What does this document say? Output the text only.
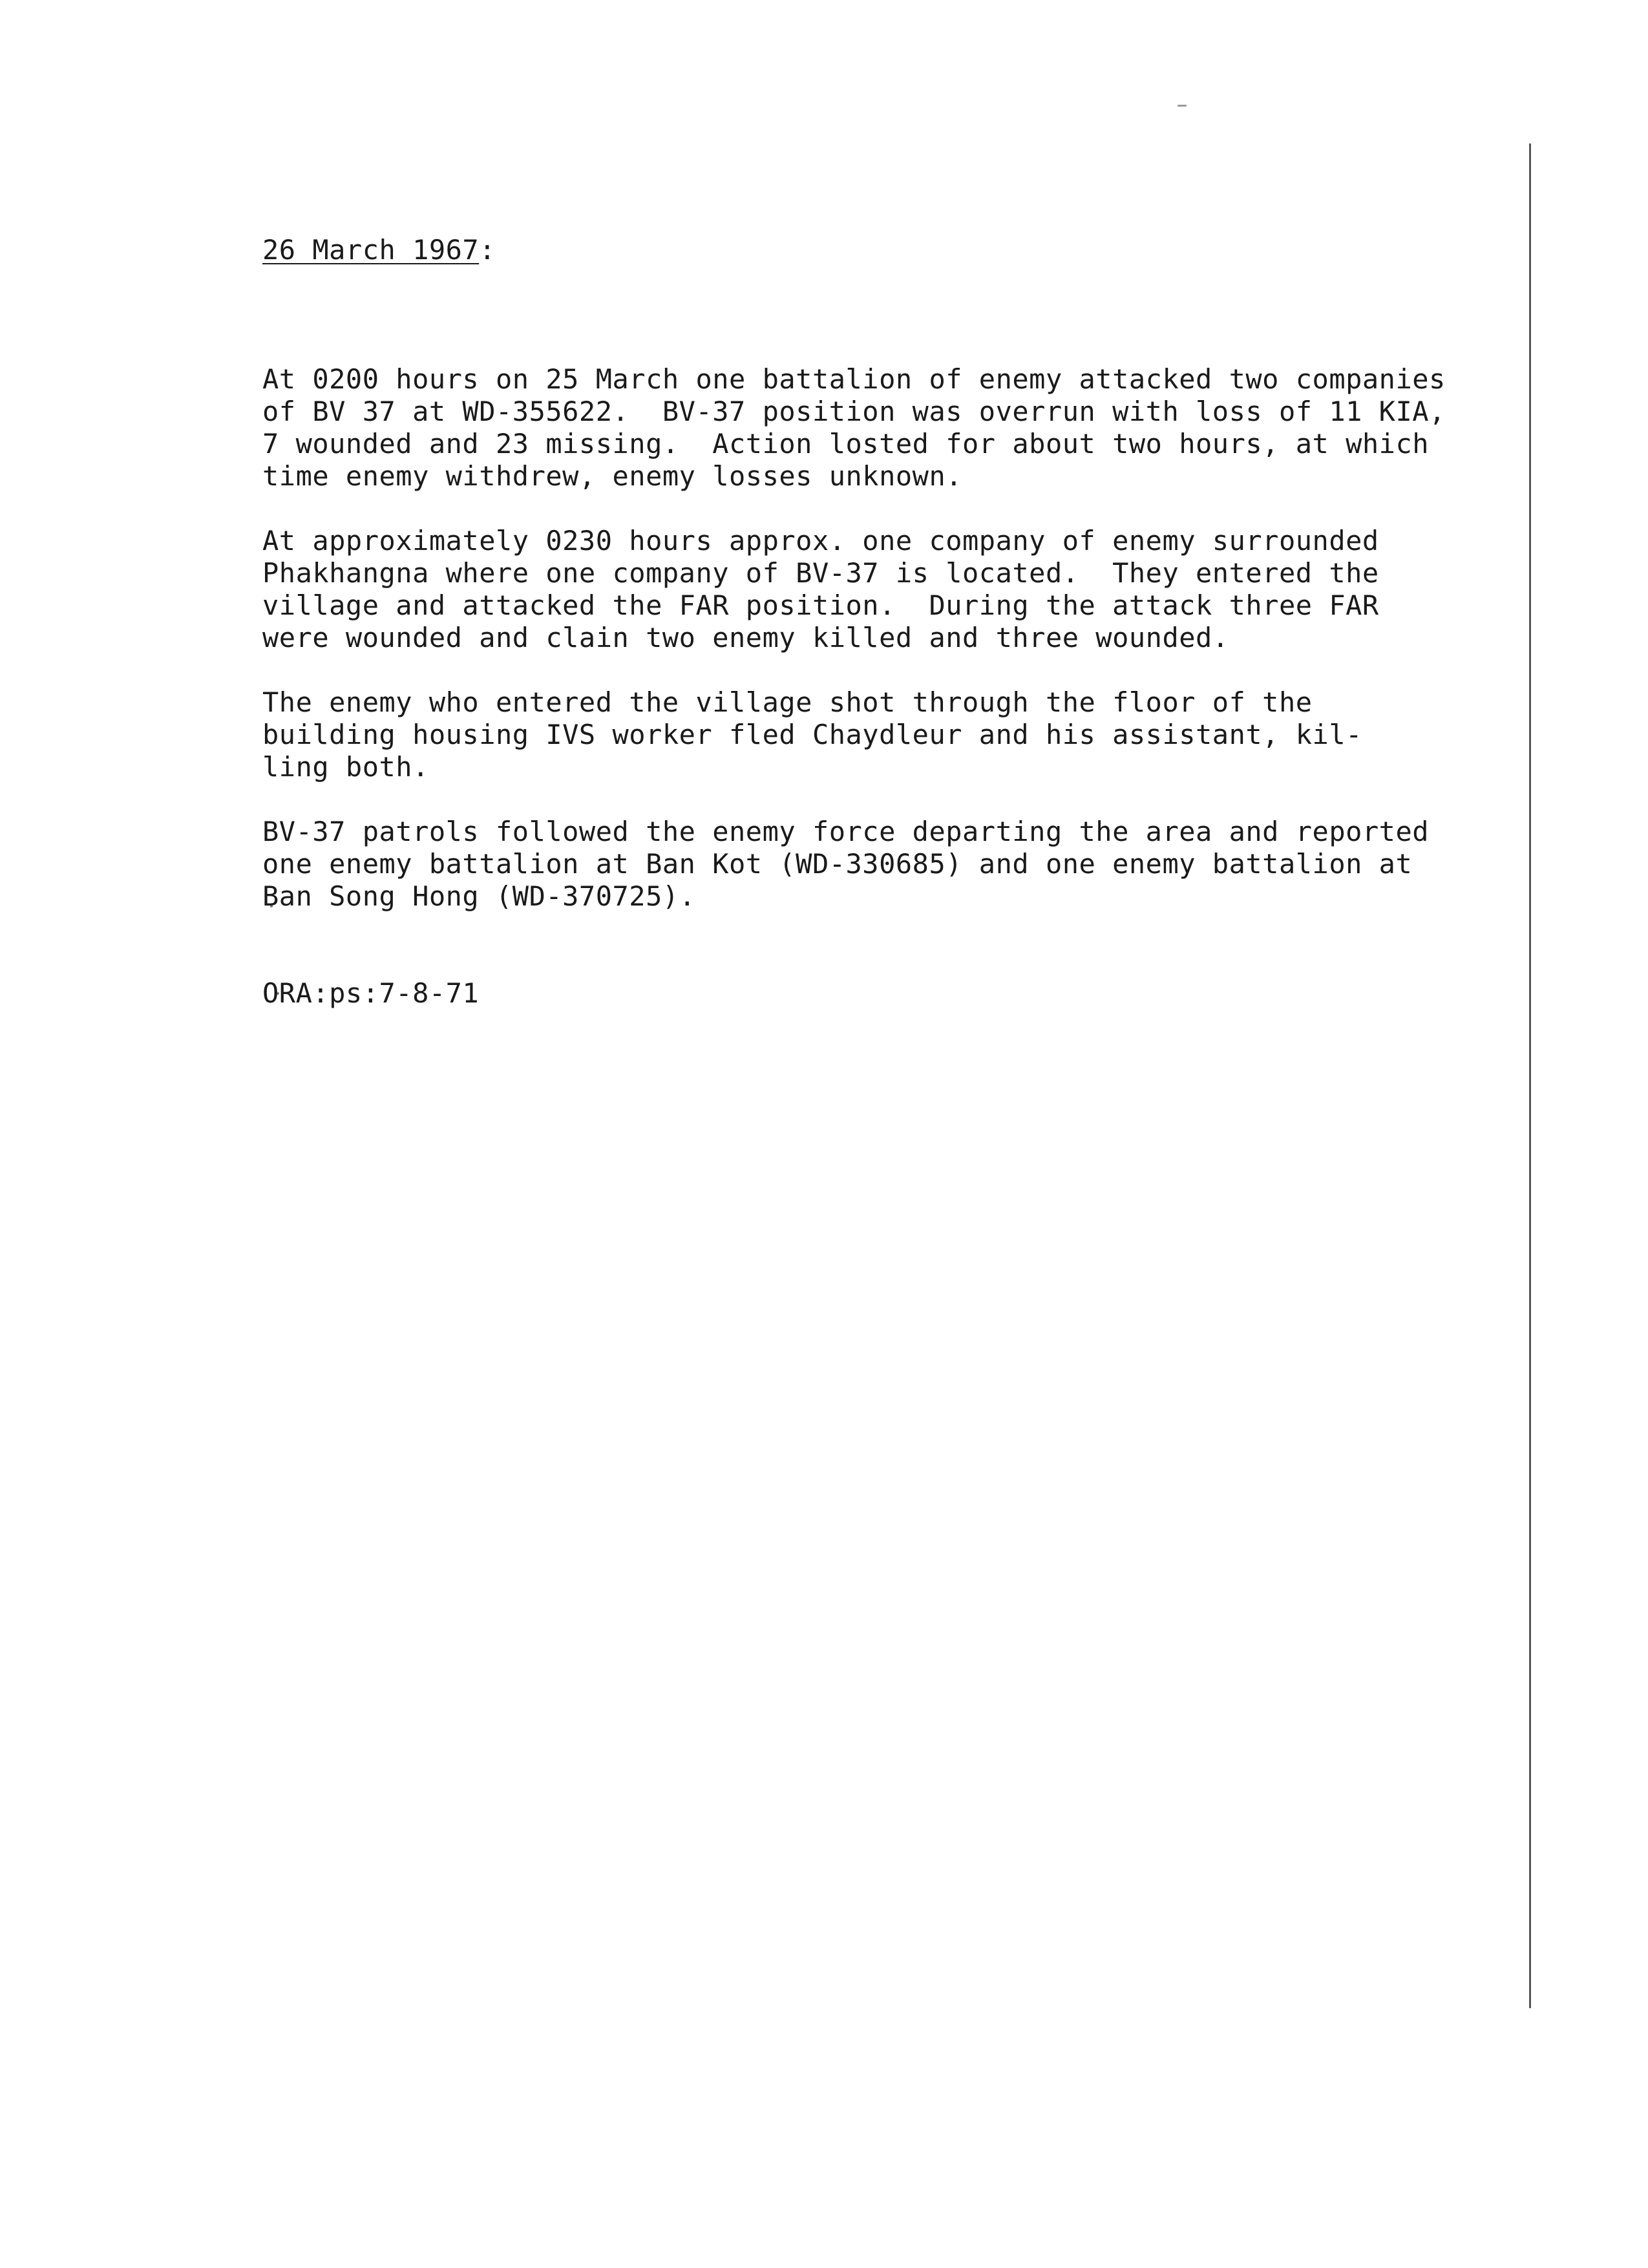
26 March 1967:
At 0200 hours on 25 March one battalion of enemy attacked two companies
of BV 37 at WD-355622.  BV-37 position was overrun with loss of 11 KIA,
7 wounded and 23 missing.  Action losted for about two hours, at which
time enemy withdrew, enemy losses unknown.
At approximately 0230 hours approx. one company of enemy surrounded
Phakhangna where one company of BV-37 is located.  They entered the
village and attacked the FAR position.  During the attack three FAR
were wounded and clain two enemy killed and three wounded.
The enemy who entered the village shot through the floor of the
building housing IVS worker fled Chaydleur and his assistant, kil-
ling both.
BV-37 patrols followed the enemy force departing the area and reported
one enemy battalion at Ban Kot (WD-330685) and one enemy battalion at
Ban Song Hong (WD-370725).
ORA:ps:7-8-71
